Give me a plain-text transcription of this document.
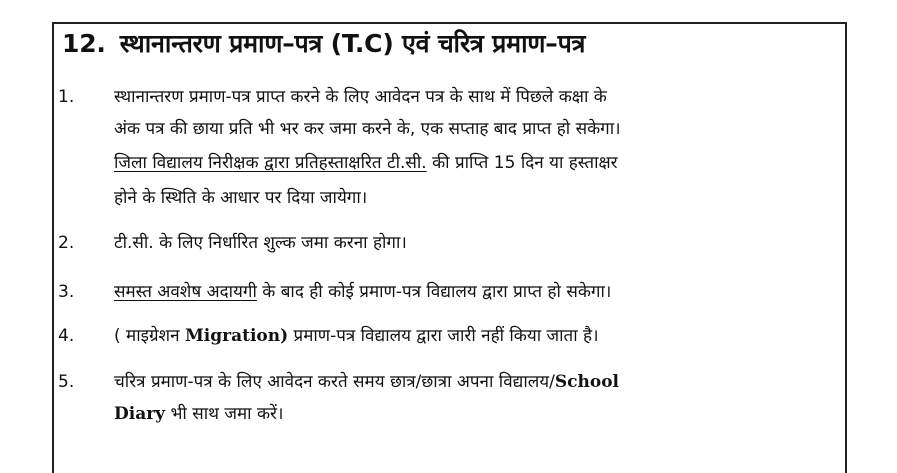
12. स्थानान्तरण प्रमाण–पत्र (T.C) एवं चरित्र प्रमाण–पत्र
1. स्थानान्तरण प्रमाण-पत्र प्राप्त करने के लिए आवेदन पत्र के साथ में पिछले कक्षा के
अंक पत्र की छाया प्रति भी भर कर जमा करने के, एक सप्ताह बाद प्राप्त हो सकेगा।
जिला विद्यालय निरीक्षक द्वारा प्रतिहस्ताक्षरित टी.सी. की प्राप्ति 15 दिन या हस्ताक्षर
होने के स्थिति के आधार पर दिया जायेगा।
2. टी.सी. के लिए निर्धारित शुल्क जमा करना होगा।
3. समस्त अवशेष अदायगी के बाद ही कोई प्रमाण-पत्र विद्यालय द्वारा प्राप्त हो सकेगा।
4. ( माइग्रेशन Migration) प्रमाण-पत्र विद्यालय द्वारा जारी नहीं किया जाता है।
5. चरित्र प्रमाण-पत्र के लिए आवेदन करते समय छात्र/छात्रा अपना विद्यालय/School
Diary भी साथ जमा करें।
